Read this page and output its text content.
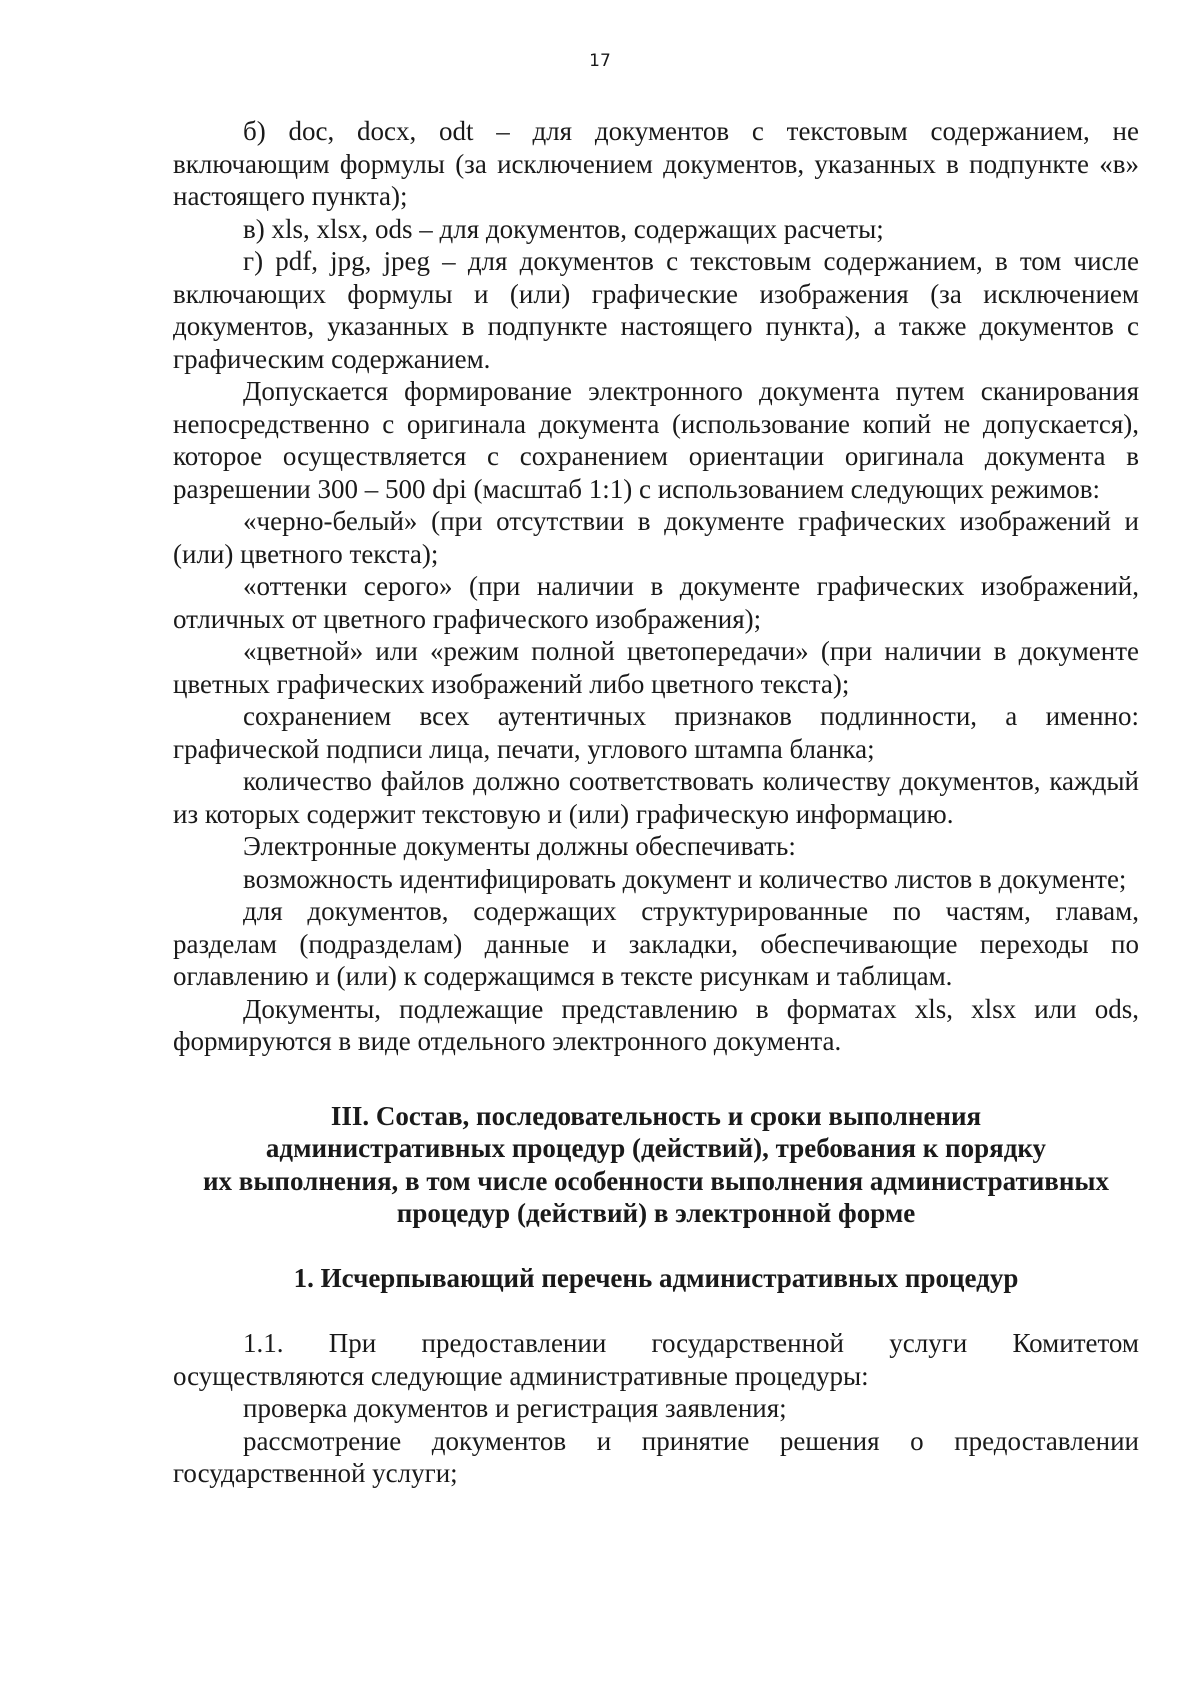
17

б) doc, docx, odt – для документов с текстовым содержанием, не включающим формулы (за исключением документов, указанных в подпункте «в» настоящего пункта);

в) xls, xlsx, ods – для документов, содержащих расчеты;

г) pdf, jpg, jpeg – для документов с текстовым содержанием, в том числе включающих формулы и (или) графические изображения (за исключением документов, указанных в подпункте настоящего пункта), а также документов с графическим содержанием.

Допускается формирование электронного документа путем сканирования непосредственно с оригинала документа (использование копий не допускается), которое осуществляется с сохранением ориентации оригинала документа в разрешении 300 – 500 dpi (масштаб 1:1) с использованием следующих режимов:

«черно-белый» (при отсутствии в документе графических изображений и (или) цветного текста);

«оттенки серого» (при наличии в документе графических изображений, отличных от цветного графического изображения);

«цветной» или «режим полной цветопередачи» (при наличии в документе цветных графических изображений либо цветного текста);

сохранением всех аутентичных признаков подлинности, а именно: графической подписи лица, печати, углового штампа бланка;

количество файлов должно соответствовать количеству документов, каждый из которых содержит текстовую и (или) графическую информацию.

Электронные документы должны обеспечивать:

возможность идентифицировать документ и количество листов в документе;

для документов, содержащих структурированные по частям, главам, разделам (подразделам) данные и закладки, обеспечивающие переходы по оглавлению и (или) к содержащимся в тексте рисункам и таблицам.

Документы, подлежащие представлению в форматах xls, xlsx или ods, формируются в виде отдельного электронного документа.

III. Состав, последовательность и сроки выполнения
административных процедур (действий), требования к порядку
их выполнения, в том числе особенности выполнения административных
процедур (действий) в электронной форме
1. Исчерпывающий перечень административных процедур

1.1. При предоставлении государственной услуги Комитетом осуществляются следующие административные процедуры:

проверка документов и регистрация заявления;

рассмотрение документов и принятие решения о предоставлении государственной услуги;
